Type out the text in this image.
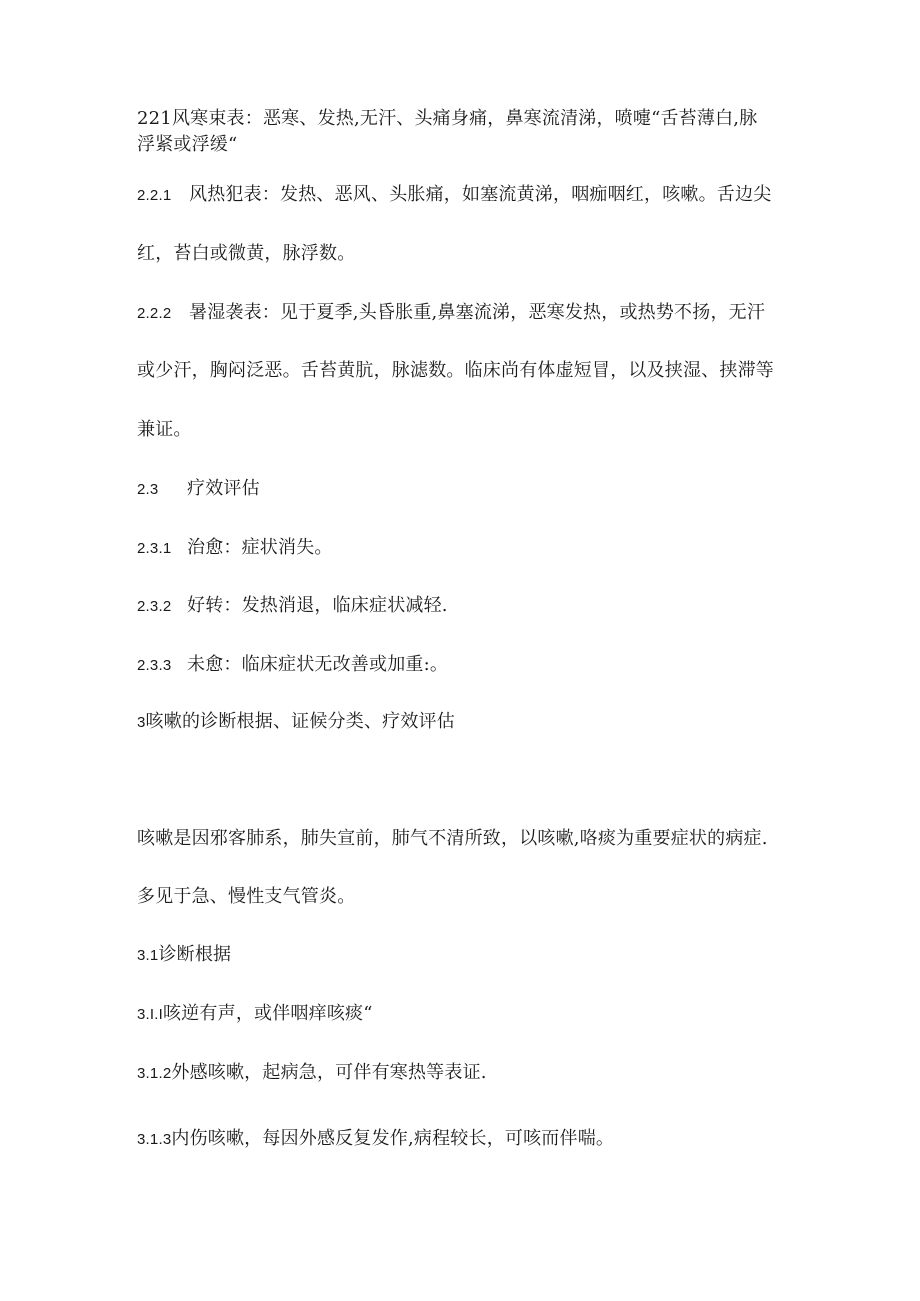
221风寒束表：恶寒、发热,无汗、头痛身痛，鼻寒流清涕，喷嚏“舌苔薄白,脉
浮紧或浮缓“
2.2.1 风热犯表：发热、恶风、头胀痛，如塞流黄涕，咽痂咽红，咳嗽。舌边尖
红，苔白或微黄，脉浮数。
2.2.2 暑湿袭表：见于夏季,头昏胀重,鼻塞流涕，恶寒发热，或热势不扬，无汗
或少汗，胸闷泛恶。舌苔黄肮，脉滤数。临床尚有体虚短冒，以及挟湿、挟滞等
兼证。
2.3 疗效评估
2.3.1 治愈：症状消失。
2.3.2 好转：发热消退，临床症状减轻.
2.3.3 未愈：临床症状无改善或加重:。
3咳嗽的诊断根据、证候分类、疗效评估
咳嗽是因邪客肺系，肺失宣前，肺气不清所致，以咳嗽,咯痰为重要症状的病症.
多见于急、慢性支气管炎。
3.1诊断根据
3.I.I咳逆有声，或伴咽痒咳痰“
3.1.2外感咳嗽，起病急，可伴有寒热等表证.
3.1.3内伤咳嗽，每因外感反复发作,病程较长，可咳而伴喘。
